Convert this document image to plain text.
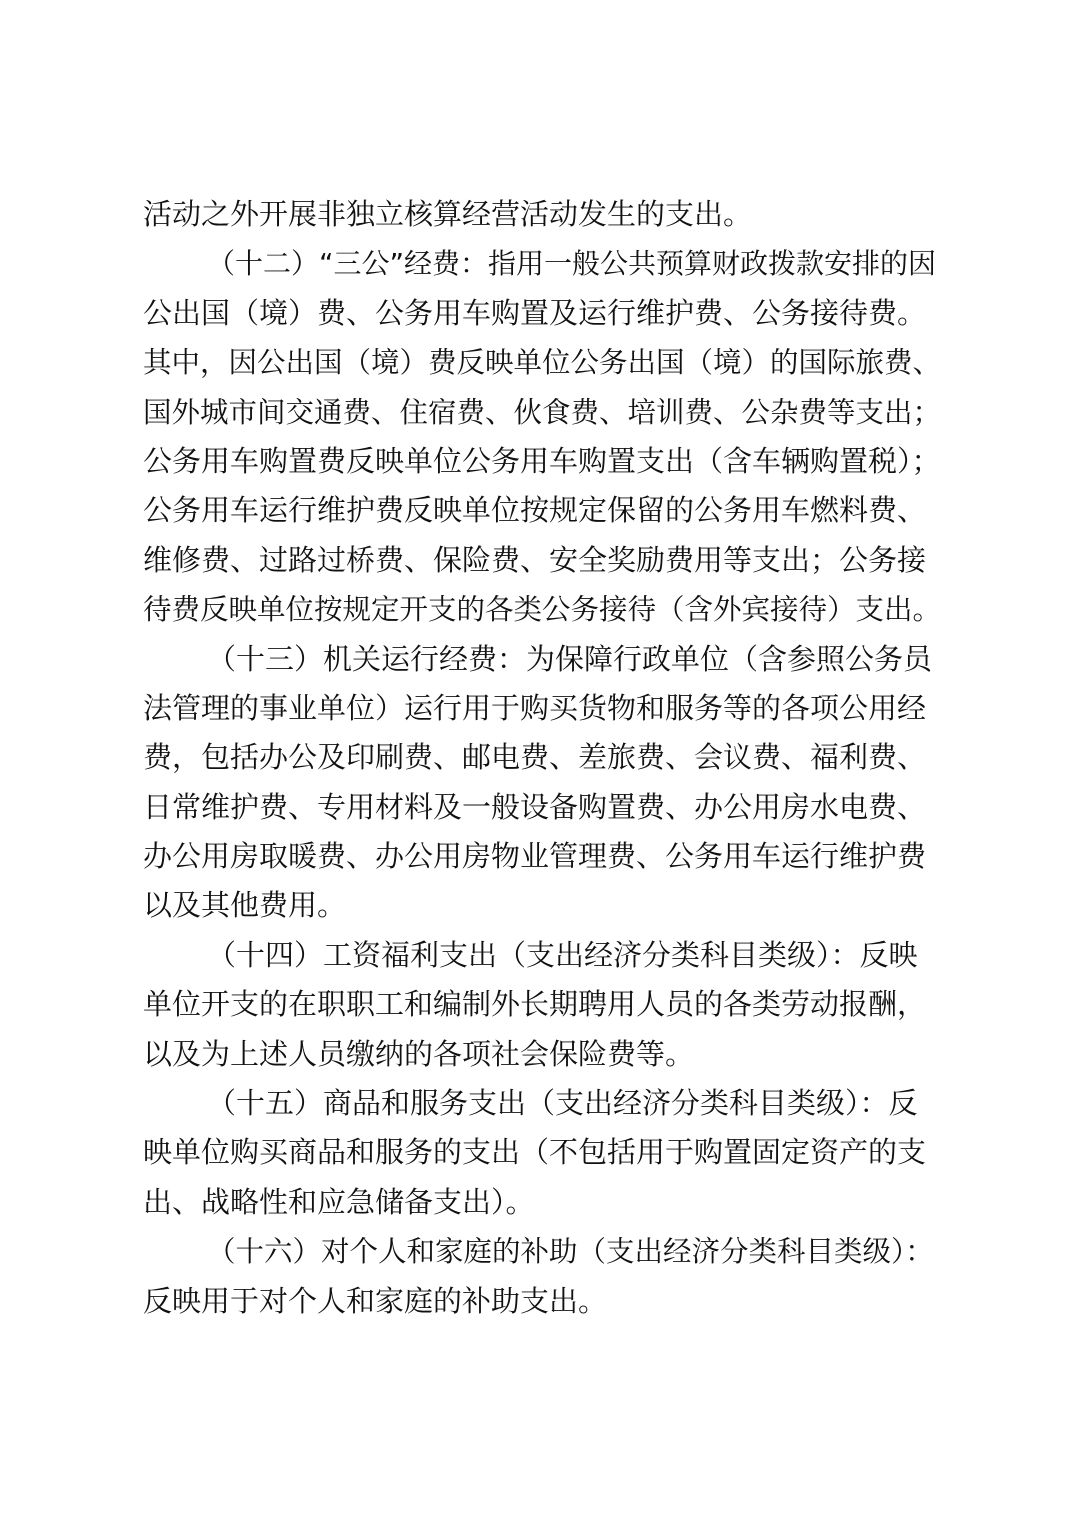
活动之外开展非独立核算经营活动发生的支出。
（十二）“三公”经费：指用一般公共预算财政拨款安排的因
公出国（境）费、公务用车购置及运行维护费、公务接待费。
其中，因公出国（境）费反映单位公务出国（境）的国际旅费、
国外城市间交通费、住宿费、伙食费、培训费、公杂费等支出；
公务用车购置费反映单位公务用车购置支出（含车辆购置税）；
公务用车运行维护费反映单位按规定保留的公务用车燃料费、
维修费、过路过桥费、保险费、安全奖励费用等支出；公务接
待费反映单位按规定开支的各类公务接待（含外宾接待）支出。
（十三）机关运行经费：为保障行政单位（含参照公务员
法管理的事业单位）运行用于购买货物和服务等的各项公用经
费，包括办公及印刷费、邮电费、差旅费、会议费、福利费、
日常维护费、专用材料及一般设备购置费、办公用房水电费、
办公用房取暖费、办公用房物业管理费、公务用车运行维护费
以及其他费用。
（十四）工资福利支出（支出经济分类科目类级）：反映
单位开支的在职职工和编制外长期聘用人员的各类劳动报酬，
以及为上述人员缴纳的各项社会保险费等。
（十五）商品和服务支出（支出经济分类科目类级）：反
映单位购买商品和服务的支出（不包括用于购置固定资产的支
出、战略性和应急储备支出）。
（十六）对个人和家庭的补助（支出经济分类科目类级）：
反映用于对个人和家庭的补助支出。
